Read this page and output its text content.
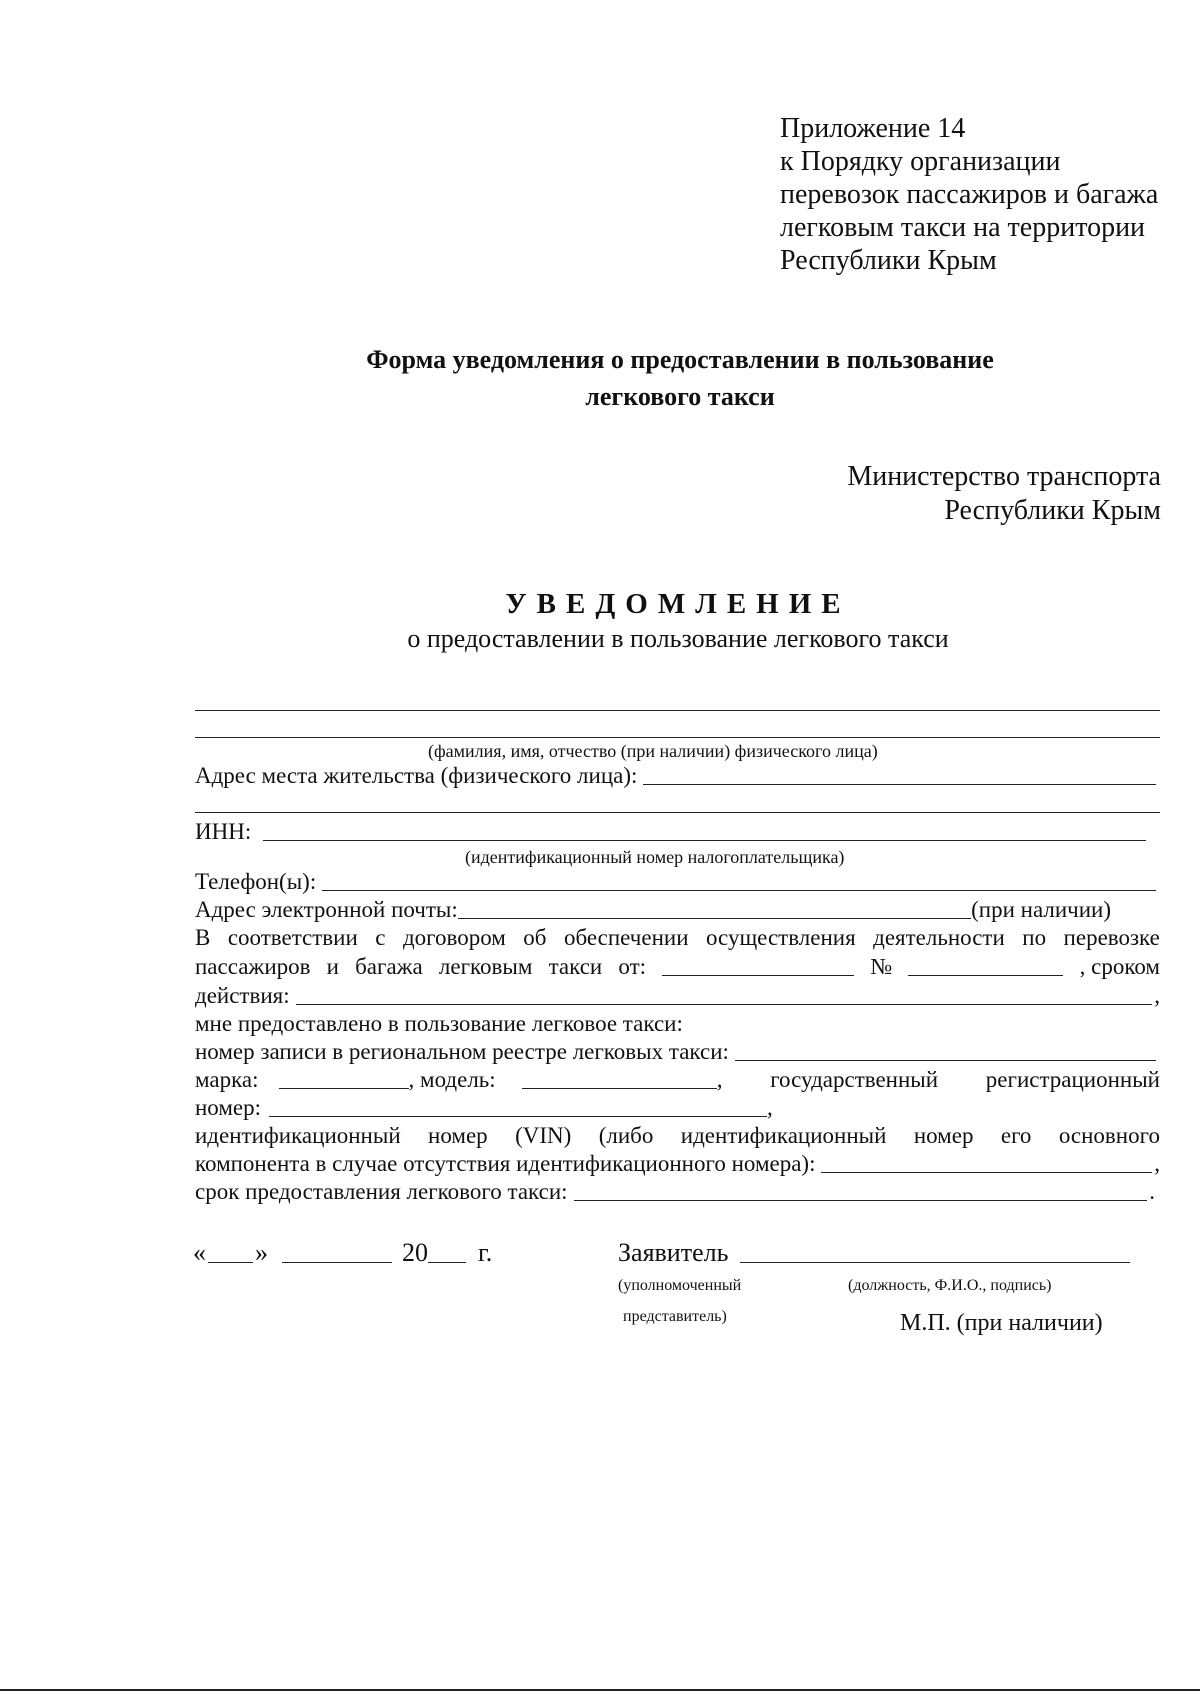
Приложение 14
к Порядку организации
перевозок пассажиров и багажа
легковым такси на территории
Республики Крым
Форма уведомления о предоставлении в пользование
легкового такси
Министерство транспорта
Республики Крым
УВЕДОМЛЕНИЕ
о предоставлении в пользование легкового такси
(фамилия, имя, отчество (при наличии) физического лица)
Адрес места жительства (физического лица):
ИНН:
(идентификационный номер налогоплательщика)
Телефон(ы):
Адрес электронной почты:	(при наличии)
В соответствии с договором об обеспечении осуществления деятельности по перевозке
пассажиров и багажа легковым такси от:	№	, сроком
действия:	,
мне предоставлено в пользование легковое такси:
номер записи в региональном реестре легковых такси:
марка:	, модель:	, государственный регистрационный
номер:	,
идентификационный номер (VIN) (либо идентификационный номер его основного
компонента в случае отсутствия идентификационного номера):	,
срок предоставления легкового такси:	.
« »	20 г.	Заявитель
(уполномоченный
представитель)
(должность, Ф.И.О., подпись)
М.П. (при наличии)
